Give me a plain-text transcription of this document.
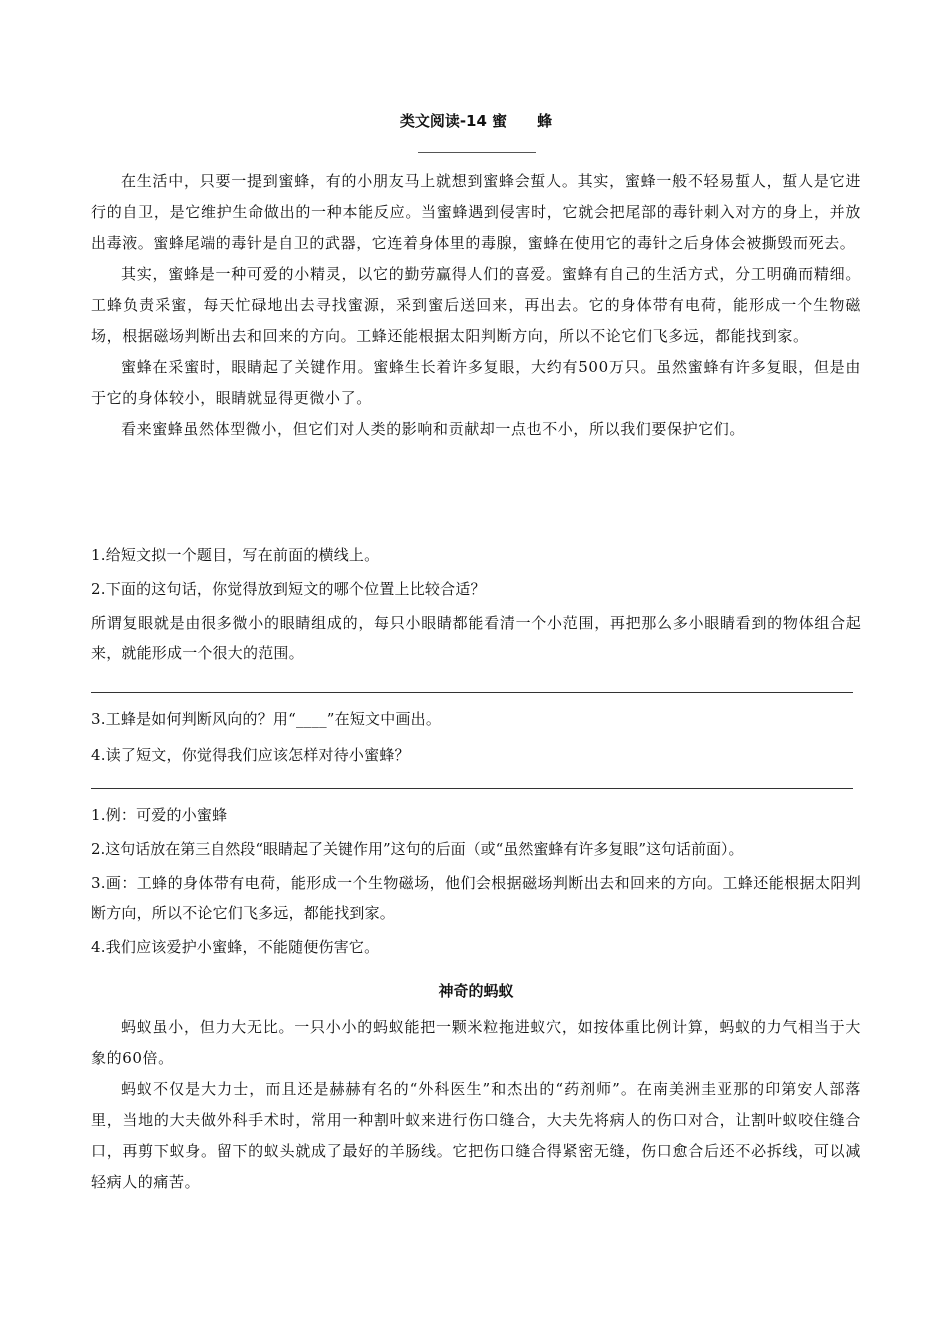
类文阅读-14 蜜　　蜂

在生活中，只要一提到蜜蜂，有的小朋友马上就想到蜜蜂会蜇人。其实，蜜蜂一般不轻易蜇人，蜇人是它进行的自卫，是它维护生命做出的一种本能反应。当蜜蜂遇到侵害时，它就会把尾部的毒针刺入对方的身上，并放出毒液。蜜蜂尾端的毒针是自卫的武器，它连着身体里的毒腺，蜜蜂在使用它的毒针之后身体会被撕毁而死去。

其实，蜜蜂是一种可爱的小精灵，以它的勤劳赢得人们的喜爱。蜜蜂有自己的生活方式，分工明确而精细。工蜂负责采蜜，每天忙碌地出去寻找蜜源，采到蜜后送回来，再出去。它的身体带有电荷，能形成一个生物磁场，根据磁场判断出去和回来的方向。工蜂还能根据太阳判断方向，所以不论它们飞多远，都能找到家。

蜜蜂在采蜜时，眼睛起了关键作用。蜜蜂生长着许多复眼，大约有500万只。虽然蜜蜂有许多复眼，但是由于它的身体较小，眼睛就显得更微小了。

看来蜜蜂虽然体型微小，但它们对人类的影响和贡献却一点也不小，所以我们要保护它们。

1.给短文拟一个题目，写在前面的横线上。

2.下面的这句话，你觉得放到短文的哪个位置上比较合适？

所谓复眼就是由很多微小的眼睛组成的，每只小眼睛都能看清一个小范围，再把那么多小眼睛看到的物体组合起来，就能形成一个很大的范围。

3.工蜂是如何判断风向的？用“____”在短文中画出。

4.读了短文，你觉得我们应该怎样对待小蜜蜂？

1.例：可爱的小蜜蜂

2.这句话放在第三自然段“眼睛起了关键作用”这句的后面（或“虽然蜜蜂有许多复眼”这句话前面）。

3.画：工蜂的身体带有电荷，能形成一个生物磁场，他们会根据磁场判断出去和回来的方向。工蜂还能根据太阳判断方向，所以不论它们飞多远，都能找到家。

4.我们应该爱护小蜜蜂，不能随便伤害它。

神奇的蚂蚁

蚂蚁虽小，但力大无比。一只小小的蚂蚁能把一颗米粒拖进蚁穴，如按体重比例计算，蚂蚁的力气相当于大象的60倍。

蚂蚁不仅是大力士，而且还是赫赫有名的“外科医生”和杰出的“药剂师”。在南美洲圭亚那的印第安人部落里，当地的大夫做外科手术时，常用一种割叶蚁来进行伤口缝合，大夫先将病人的伤口对合，让割叶蚁咬住缝合口，再剪下蚁身。留下的蚁头就成了最好的羊肠线。它把伤口缝合得紧密无缝，伤口愈合后还不必拆线，可以减轻病人的痛苦。
